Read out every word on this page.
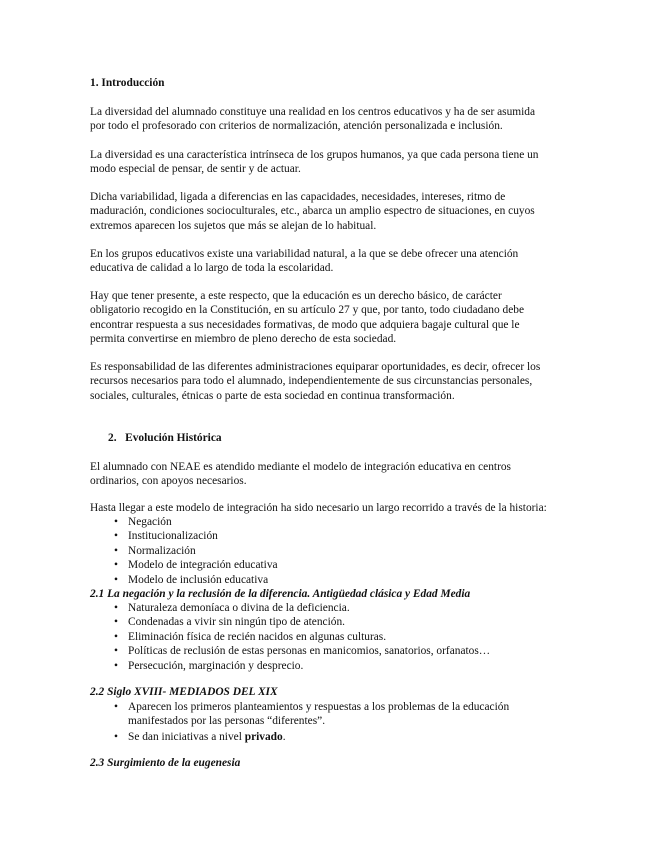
1. Introducción
La diversidad del alumnado constituye una realidad en los centros educativos y ha de ser asumida
por todo el profesorado con criterios de normalización, atención personalizada e inclusión.
La diversidad es una característica intrínseca de los grupos humanos, ya que cada persona tiene un
modo especial de pensar, de sentir y de actuar.
Dicha variabilidad, ligada a diferencias en las capacidades, necesidades, intereses, ritmo de
maduración, condiciones socioculturales, etc., abarca un amplio espectro de situaciones, en cuyos
extremos aparecen los sujetos que más se alejan de lo habitual.
En los grupos educativos existe una variabilidad natural, a la que se debe ofrecer una atención
educativa de calidad a lo largo de toda la escolaridad.
Hay que tener presente, a este respecto, que la educación es un derecho básico, de carácter
obligatorio recogido en la Constitución, en su artículo 27 y que, por tanto, todo ciudadano debe
encontrar respuesta a sus necesidades formativas, de modo que adquiera bagaje cultural que le
permita convertirse en miembro de pleno derecho de esta sociedad.
Es responsabilidad de las diferentes administraciones equiparar oportunidades, es decir, ofrecer los
recursos necesarios para todo el alumnado, independientemente de sus circunstancias personales,
sociales, culturales, étnicas o parte de esta sociedad en continua transformación.
2. Evolución Histórica
El alumnado con NEAE es atendido mediante el modelo de integración educativa en centros
ordinarios, con apoyos necesarios.
Hasta llegar a este modelo de integración ha sido necesario un largo recorrido a través de la historia:
• Negación
• Institucionalización
• Normalización
• Modelo de integración educativa
• Modelo de inclusión educativa
2.1 La negación y la reclusión de la diferencia. Antigüedad clásica y Edad Media
• Naturaleza demoníaca o divina de la deficiencia.
• Condenadas a vivir sin ningún tipo de atención.
• Eliminación física de recién nacidos en algunas culturas.
• Políticas de reclusión de estas personas en manicomios, sanatorios, orfanatos…
• Persecución, marginación y desprecio.
2.2 Siglo XVIII- MEDIADOS DEL XIX
• Aparecen los primeros planteamientos y respuestas a los problemas de la educación
manifestados por las personas “diferentes”.
• Se dan iniciativas a nivel privado.
2.3 Surgimiento de la eugenesia
